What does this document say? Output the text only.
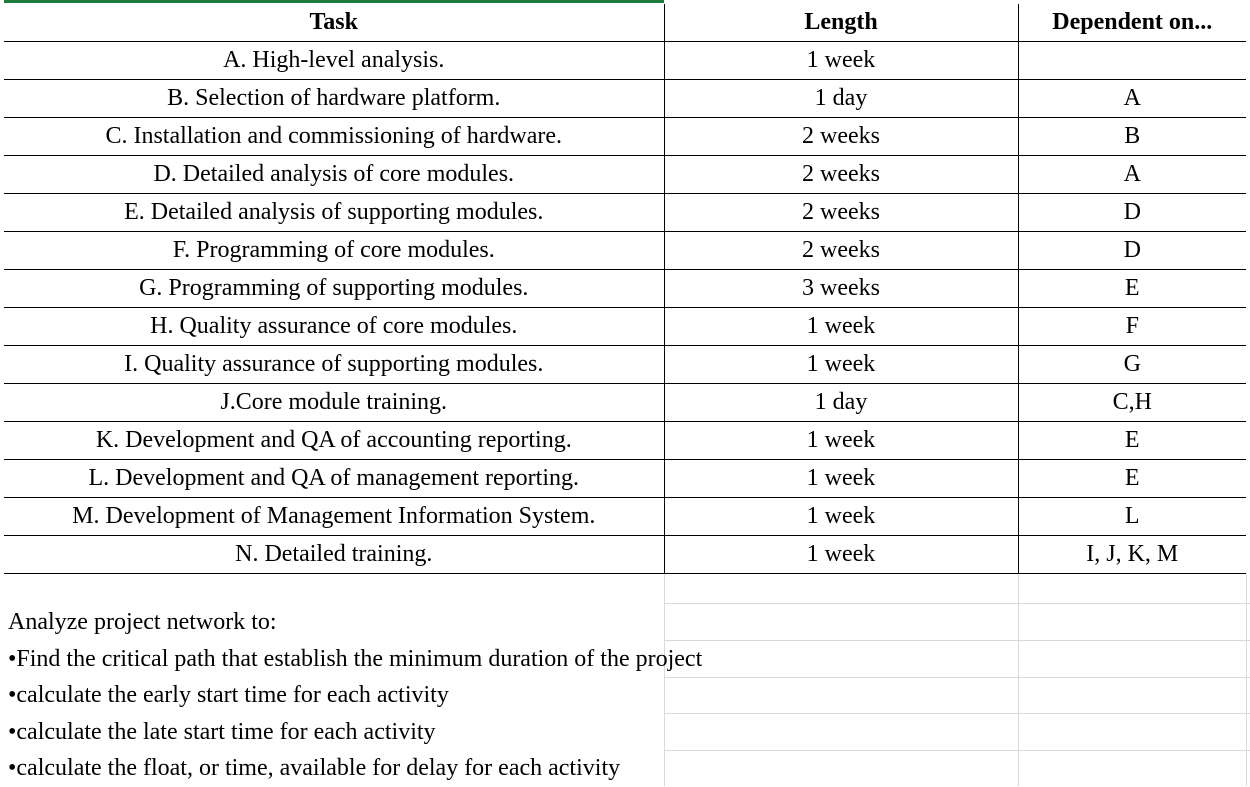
Task	Length	Dependent on...
A. High-level analysis.	1 week	
B. Selection of hardware platform.	1 day	A
C. Installation and commissioning of hardware.	2 weeks	B
D. Detailed analysis of core modules.	2 weeks	A
E. Detailed analysis of supporting modules.	2 weeks	D
F. Programming of core modules.	2 weeks	D
G. Programming of supporting modules.	3 weeks	E
H. Quality assurance of core modules.	1 week	F
I. Quality assurance of supporting modules.	1 week	G
J.Core module training.	1 day	C,H
K. Development and QA of accounting reporting.	1 week	E
L. Development and QA of management reporting.	1 week	E
M. Development of Management Information System.	1 week	L
N. Detailed training.	1 week	I, J, K, M
Analyze project network to:
•Find the critical path that establish the minimum duration of the project
•calculate the early start time for each activity
•calculate the late start time for each activity
•calculate the float, or time, available for delay for each activity
